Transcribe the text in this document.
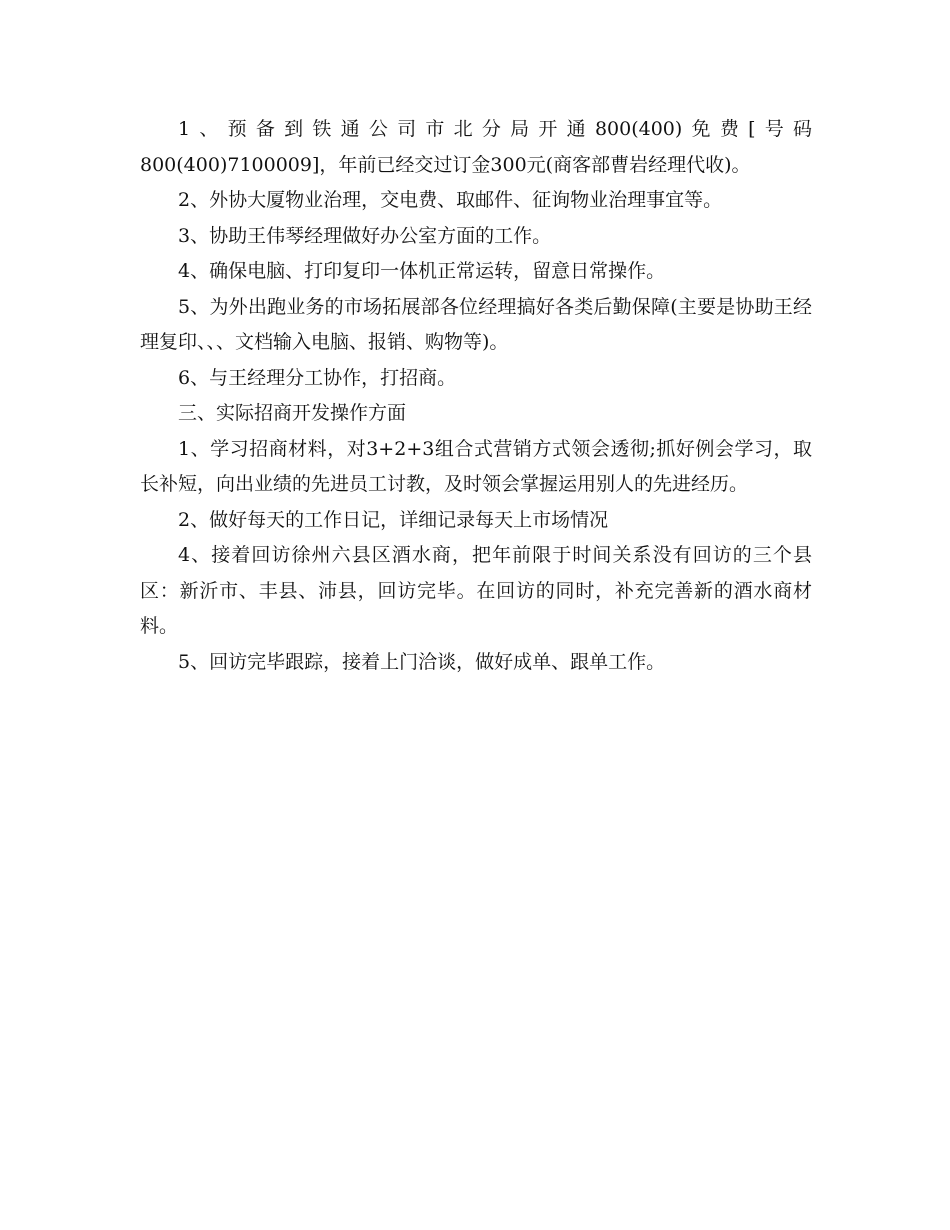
1、预备到铁通公司市北分局开通800(400)免费[号码800(400)7100009]，年前已经交过订金300元(商客部曹岩经理代收)。

2、外协大厦物业治理，交电费、取邮件、征询物业治理事宜等。

3、协助王伟琴经理做好办公室方面的工作。

4、确保电脑、打印复印一体机正常运转，留意日常操作。

5、为外出跑业务的市场拓展部各位经理搞好各类后勤保障(主要是协助王经理复印、、、文档输入电脑、报销、购物等)。

6、与王经理分工协作，打招商。

三、实际招商开发操作方面

1、学习招商材料，对3+2+3组合式营销方式领会透彻;抓好例会学习，取长补短，向出业绩的先进员工讨教，及时领会掌握运用别人的先进经历。

2、做好每天的工作日记，详细记录每天上市场情况

4、接着回访徐州六县区酒水商，把年前限于时间关系没有回访的三个县区：新沂市、丰县、沛县，回访完毕。在回访的同时，补充完善新的酒水商材料。

5、回访完毕跟踪，接着上门洽谈，做好成单、跟单工作。
